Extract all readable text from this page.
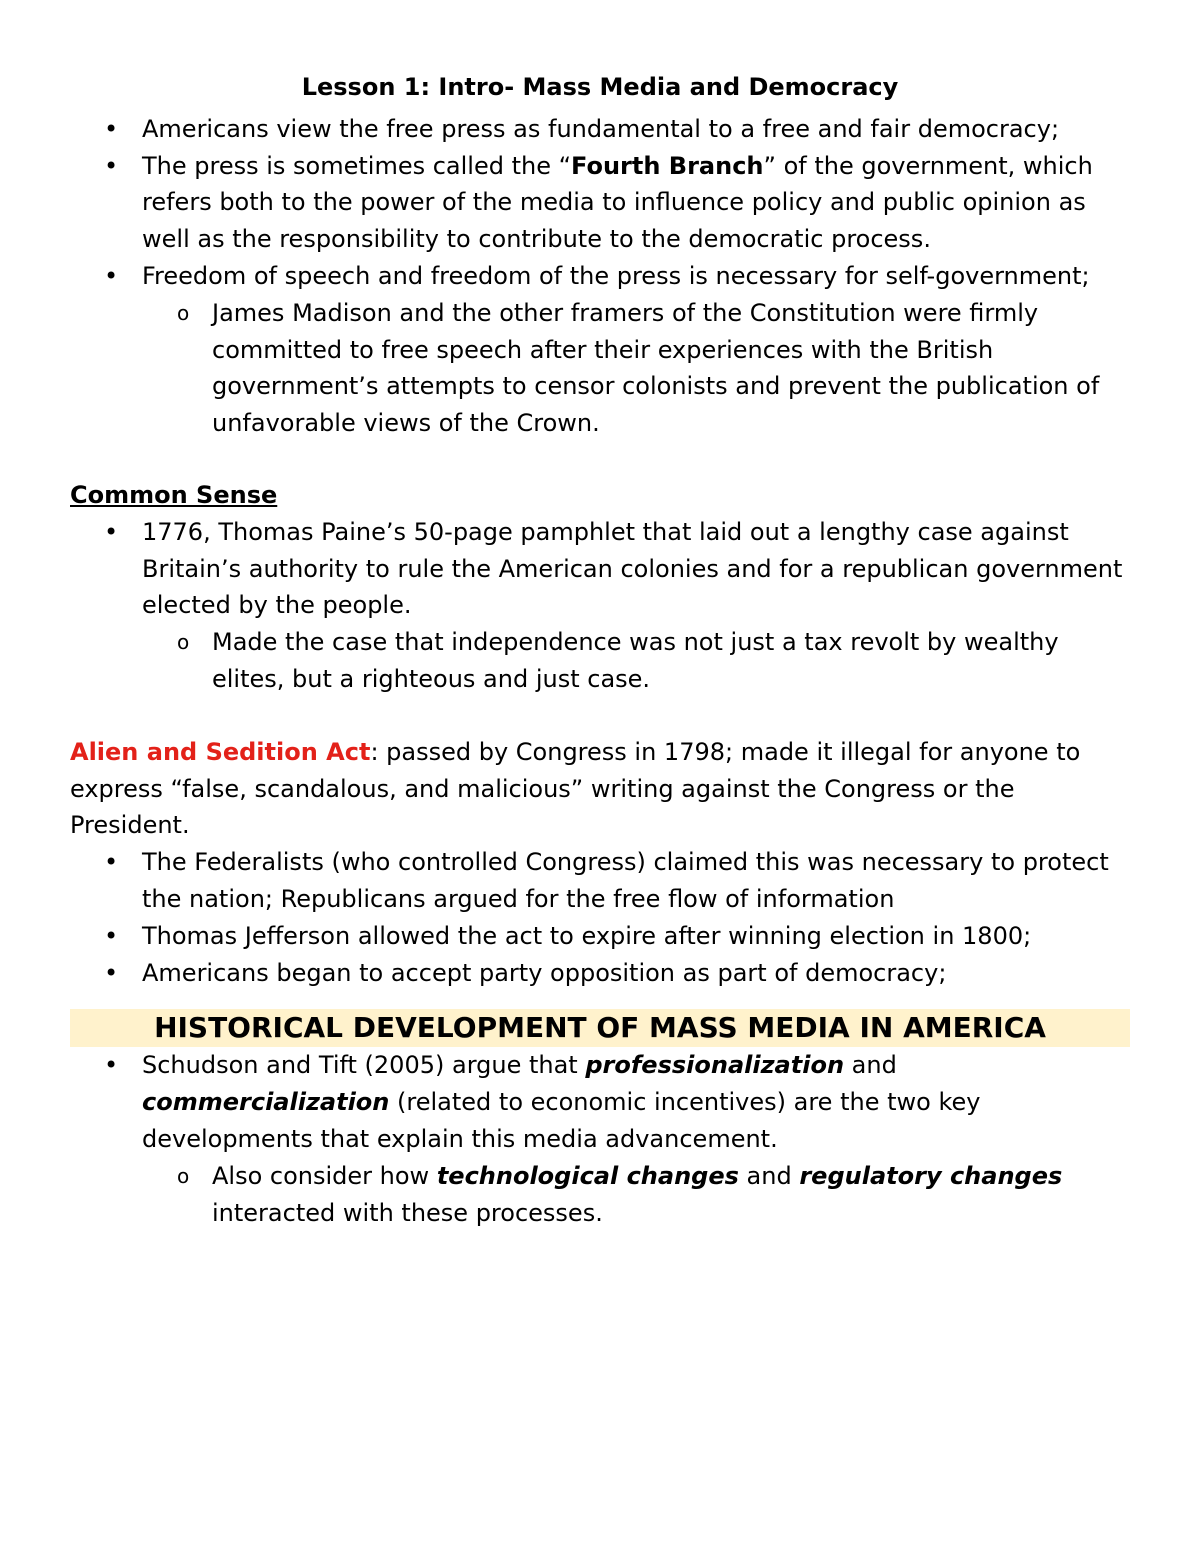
Lesson 1: Intro- Mass Media and Democracy
• Americans view the free press as fundamental to a free and fair democracy;
• The press is sometimes called the “Fourth Branch” of the government, which refers both to the power of the media to influence policy and public opinion as well as the responsibility to contribute to the democratic process.
• Freedom of speech and freedom of the press is necessary for self-government;
o James Madison and the other framers of the Constitution were firmly committed to free speech after their experiences with the British government’s attempts to censor colonists and prevent the publication of unfavorable views of the Crown.
Common Sense
• 1776, Thomas Paine’s 50-page pamphlet that laid out a lengthy case against Britain’s authority to rule the American colonies and for a republican government elected by the people.
o Made the case that independence was not just a tax revolt by wealthy elites, but a righteous and just case.
Alien and Sedition Act: passed by Congress in 1798; made it illegal for anyone to express “false, scandalous, and malicious” writing against the Congress or the President.
• The Federalists (who controlled Congress) claimed this was necessary to protect the nation; Republicans argued for the free flow of information
• Thomas Jefferson allowed the act to expire after winning election in 1800;
• Americans began to accept party opposition as part of democracy;
HISTORICAL DEVELOPMENT OF MASS MEDIA IN AMERICA
• Schudson and Tift (2005) argue that professionalization and commercialization (related to economic incentives) are the two key developments that explain this media advancement.
o Also consider how technological changes and regulatory changes interacted with these processes.
